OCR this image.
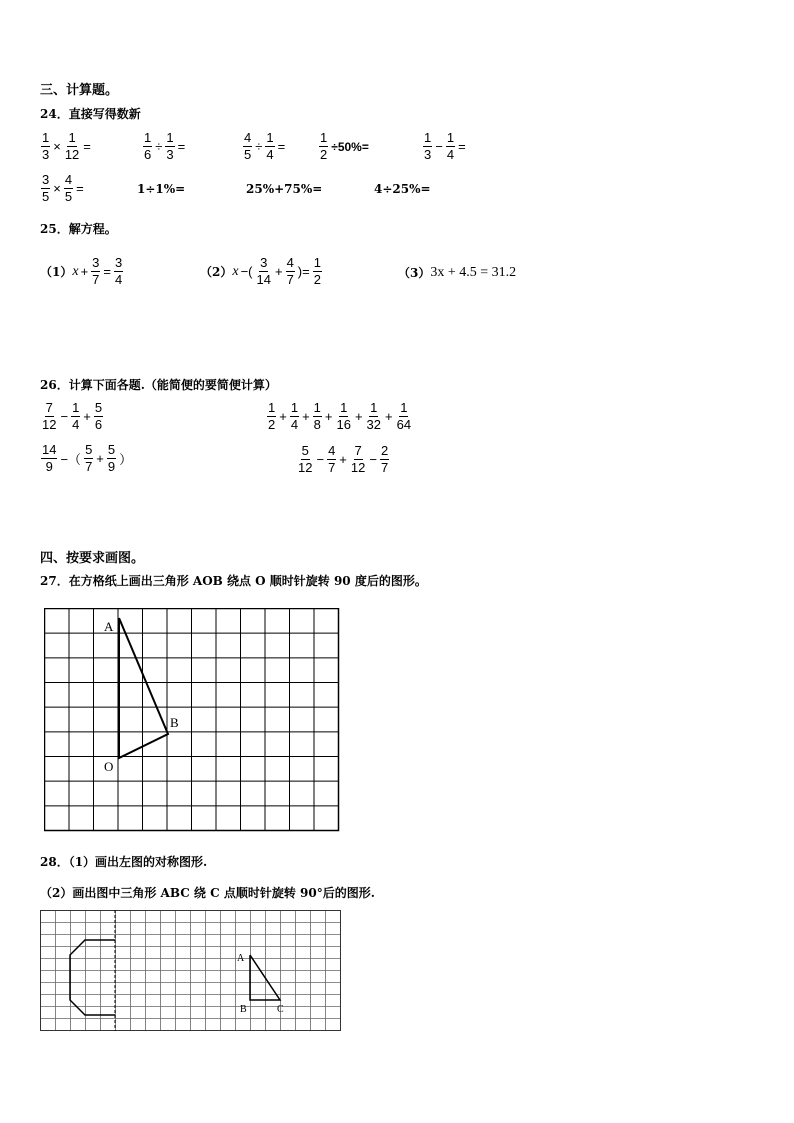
三、计算题。
24．直接写得数新
25．解方程。
（1） $x + \frac{3}{7} = \frac{3}{4}$	（2） x −( $\frac{3}{14} + \frac{4}{7}$ )= $\frac{1}{2}$	（3） 3x + 4.5 = 31.2
26．计算下面各题.（能简便的要简便计算）
$\frac{7}{12} - \frac{1}{4} + \frac{5}{6}$	$\frac{1}{2} + \frac{1}{4} + \frac{1}{8} + \frac{1}{16} + \frac{1}{32} + \frac{1}{64}$
$\frac{14}{9}$ −（ $\frac{5}{7} + \frac{5}{9}$ ）	$\frac{5}{12} - \frac{4}{7} + \frac{7}{12} - \frac{2}{7}$
四、按要求画图。
27．在方格纸上画出三角形 AOB 绕点 O 顺时针旋转 90 度后的图形。
A
B
O
28．（1）画出左图的对称图形.
（2）画出图中三角形 ABC 绕 C 点顺时针旋转 90°后的图形.
A
B	C
$\frac{1}{3} \times \frac{1}{12}$ =	$\frac{1}{6} \div \frac{1}{3}$ =	$\frac{4}{5} \div \frac{1}{4}$ =	$\frac{1}{2} \div 50\%=$	$\frac{1}{3} - \frac{1}{4}$ =
$\frac{3}{5} \times \frac{4}{5}$ =	1÷1%=	25%+75%=	4÷25%=
